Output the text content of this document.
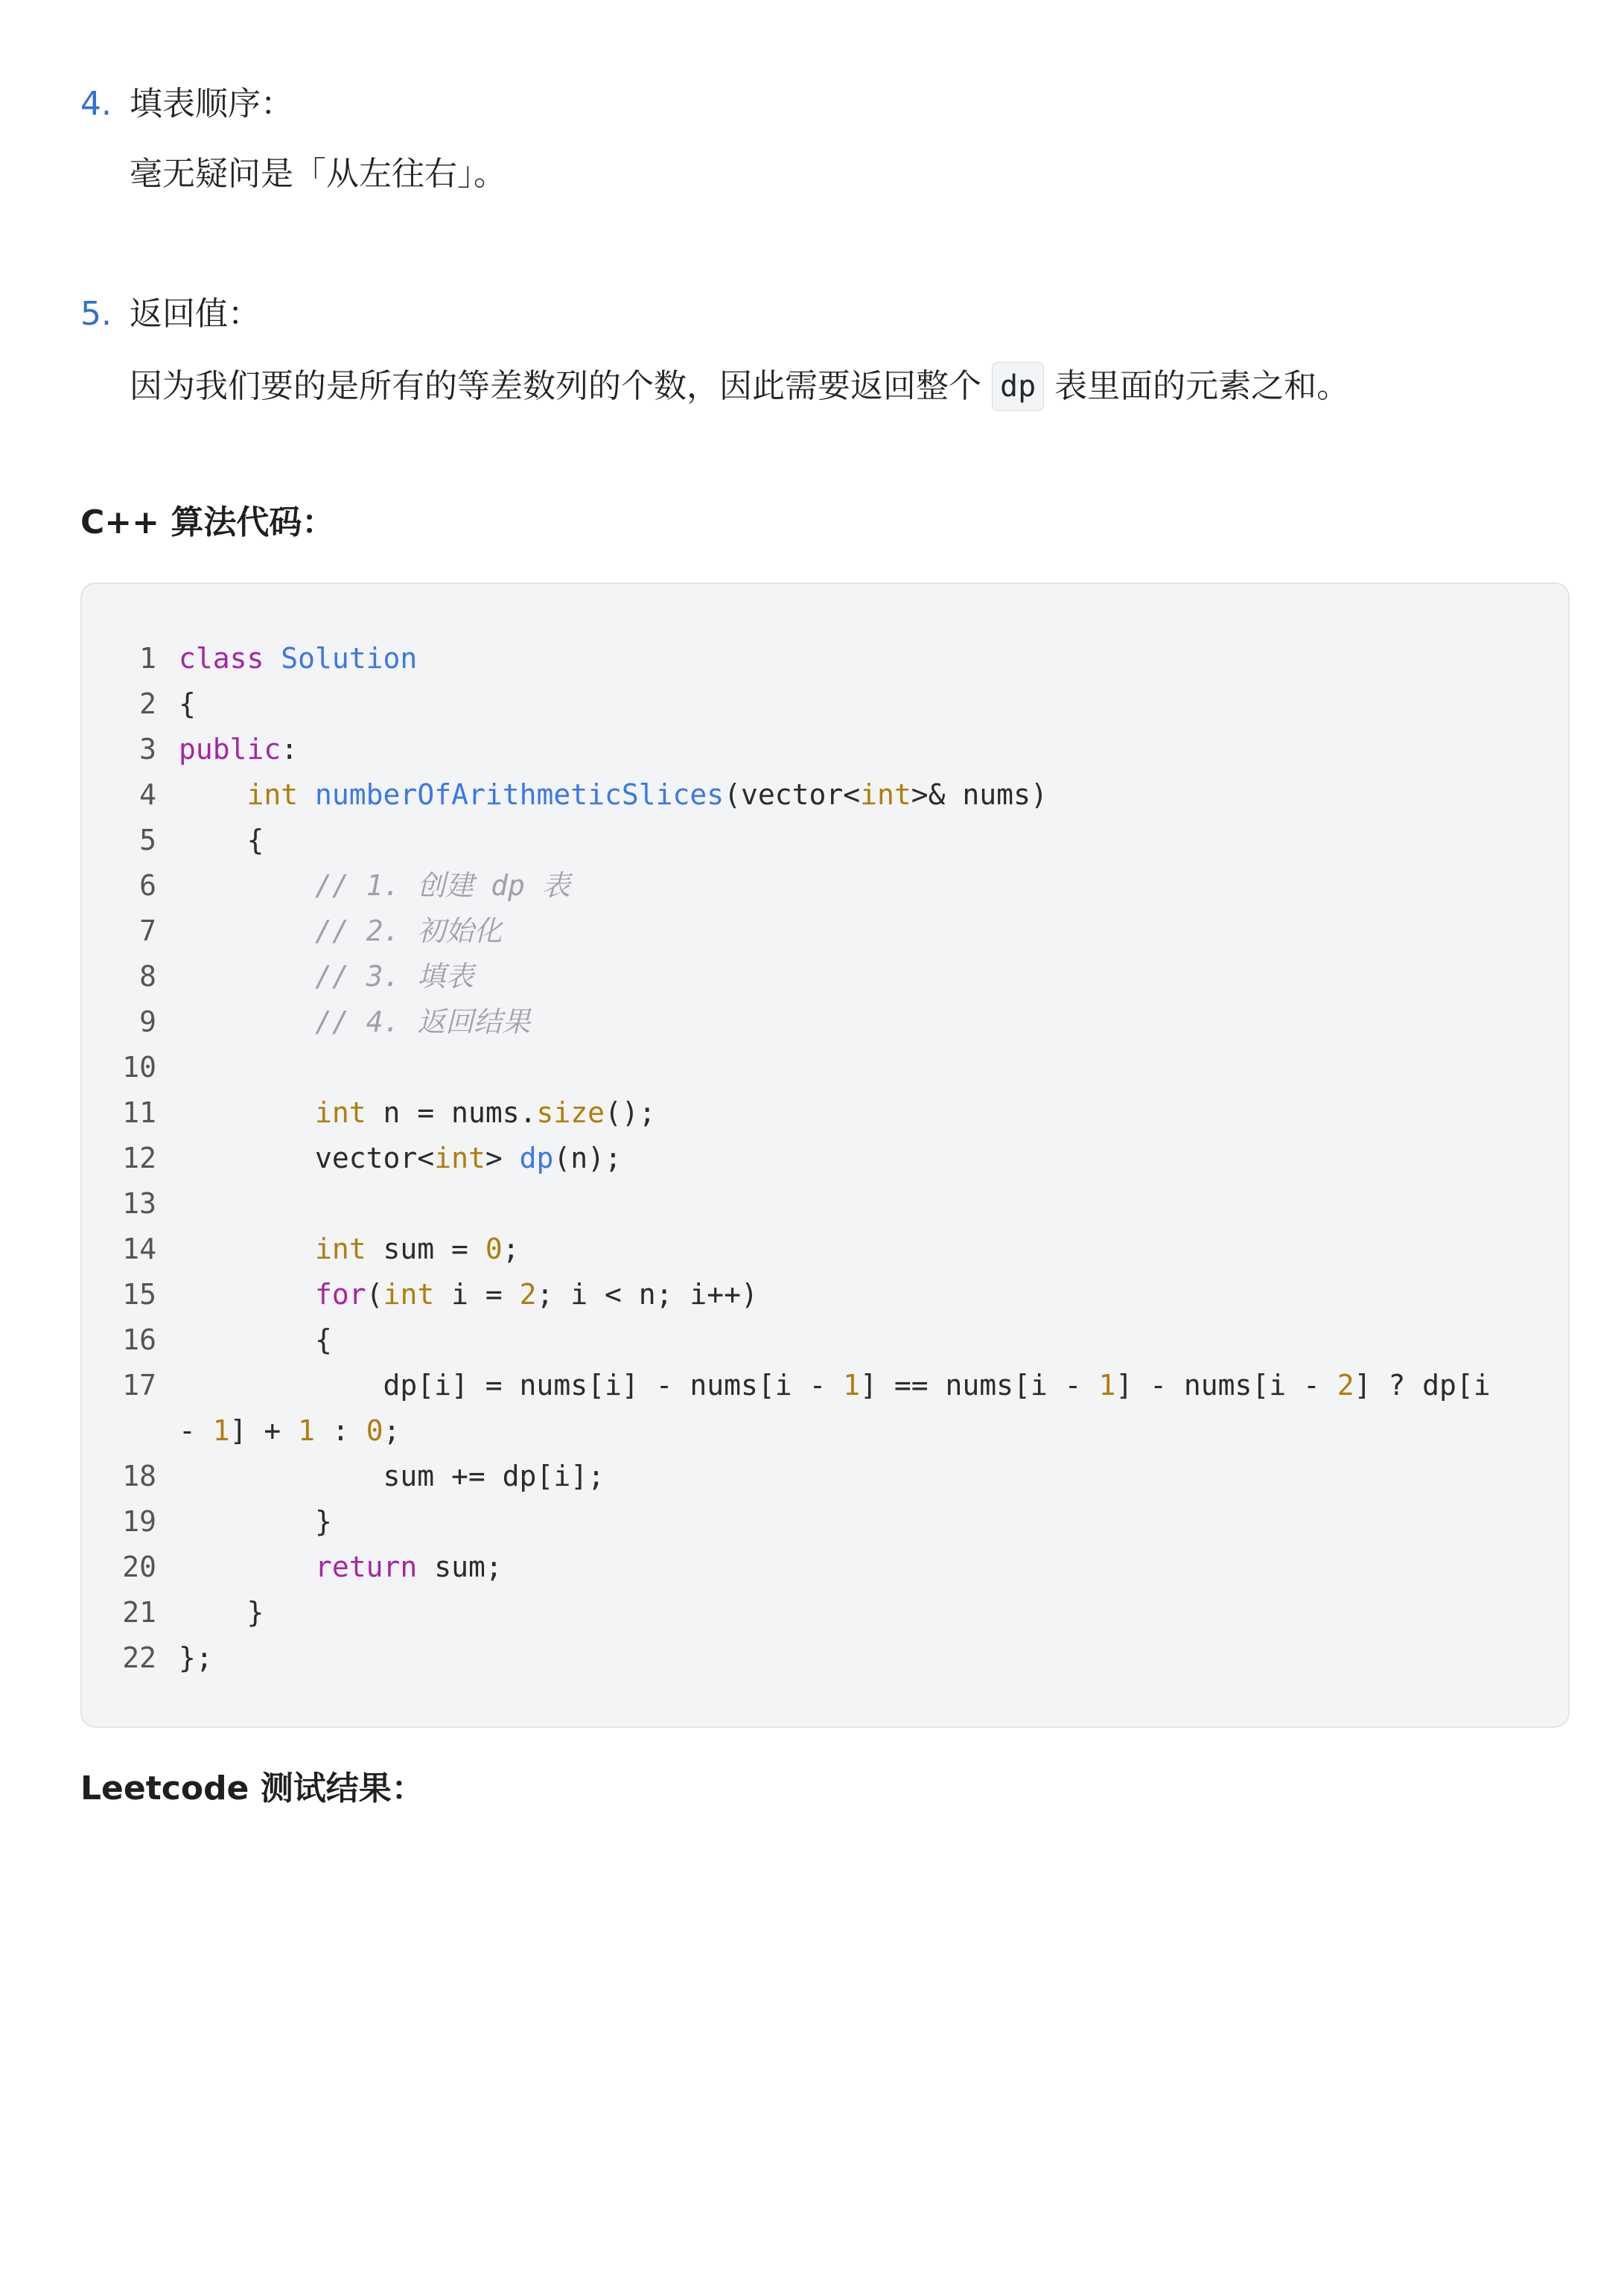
4. 填表顺序：
毫无疑问是「从左往右」。
5. 返回值：
因为我们要的是所有的等差数列的个数，因此需要返回整个 dp 表里面的元素之和。
C++ 算法代码：
1 class Solution
2 {
3 public:
4	int numberOfArithmeticSlices(vector<int>& nums)
5 {
6 // 1. 创建 dp 表
7 // 2. 初始化
8 // 3. 填表
9 // 4. 返回结果
10
11	int n = nums.size();
12	vector<int> dp(n);
13
14	int sum = 0;
15	for(int i = 2; i < n; i++)
16 {
17 dp[i] = nums[i] - nums[i - 1] == nums[i - 1] - nums[i - 2] ? dp[i
- 1] + 1 : 0;
18 sum += dp[i];
19 }
20	return sum;
21 }
22 };
Leetcode 测试结果：
